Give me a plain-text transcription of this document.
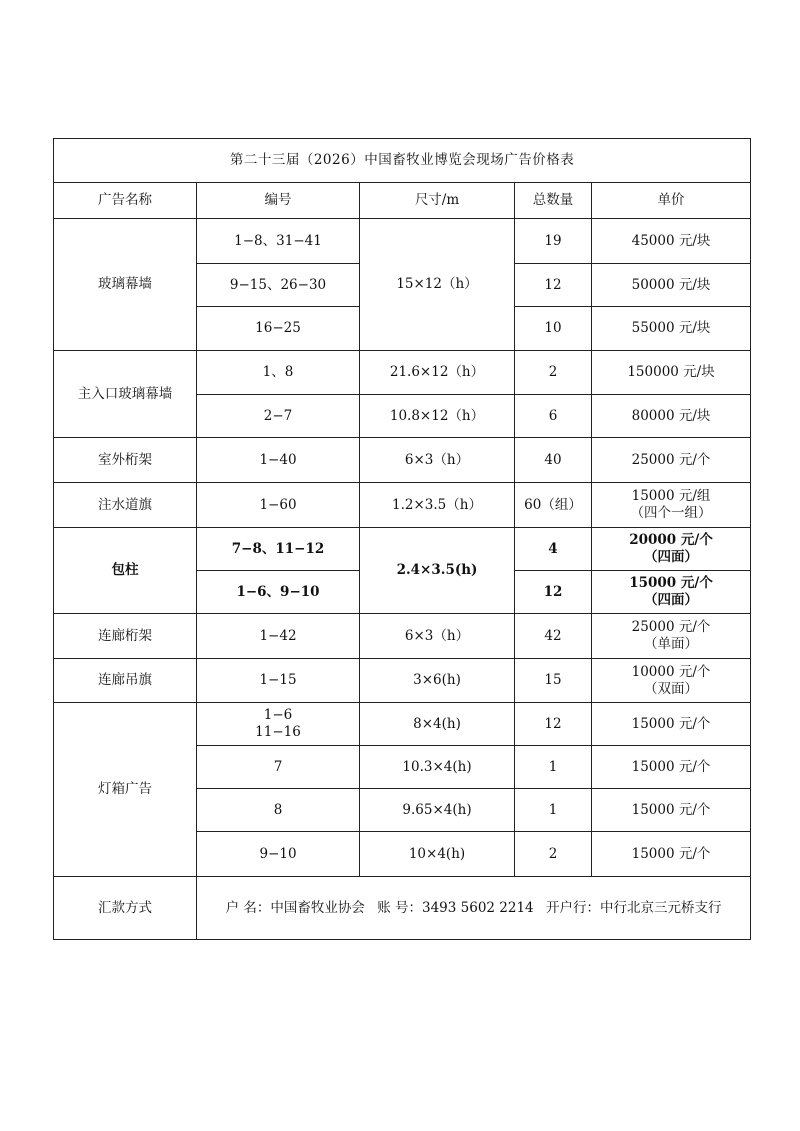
第二十三届（2026）中国畜牧业博览会现场广告价格表				
广告名称	编号	尺寸/m	总数量	单价
玻璃幕墙	1−8、31−41	15×12（h）	19	45000 元/块
	9−15、26−30		12	50000 元/块
	16−25		10	55000 元/块
主入口玻璃幕墙	1、8	21.6×12（h）	2	150000 元/块
	2−7	10.8×12（h）	6	80000 元/块
室外桁架	1−40	6×3（h）	40	25000 元/个
注水道旗	1−60	1.2×3.5（h）	60（组）	15000 元/组
（四个一组）

包柱	7−8、11−12	2.4×3.5(h)	4	20000 元/个
（四面）

	1−6、9−10		12	15000 元/个
（四面）

连廊桁架	1−42	6×3（h）	42	25000 元/个
（单面）

连廊吊旗	1−15	3×6(h)	15	10000 元/个
（双面）

灯箱广告	1−6
11−16	8×4(h)	12	15000 元/个
	7	10.3×4(h)	1	15000 元/个
	8	9.65×4(h)	1	15000 元/个
	9−10	10×4(h)	2	15000 元/个
汇款方式	户 名：中国畜牧业协会 账 号：3493 5602 2214 开户行：中行北京三元桥支行			
